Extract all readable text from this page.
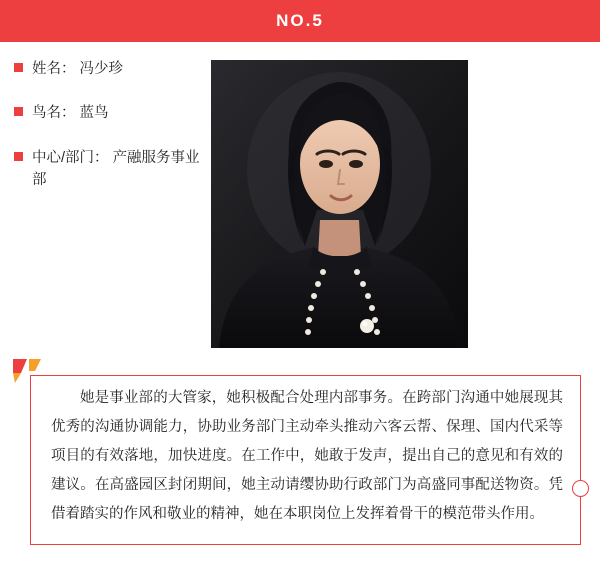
NO.5
姓名： 冯少珍
鸟名： 蓝鸟
中心/部门： 产融服务事业部
她是事业部的大管家，她积极配合处理内部事务。在跨部门沟通中她展现其优秀的沟通协调能力，协助业务部门主动牵头推动六客云帮、保理、国内代采等项目的有效落地，加快进度。在工作中，她敢于发声，提出自己的意见和有效的建议。在高盛园区封闭期间，她主动请缨协助行政部门为高盛同事配送物资。凭借着踏实的作风和敬业的精神，她在本职岗位上发挥着骨干的模范带头作用。
